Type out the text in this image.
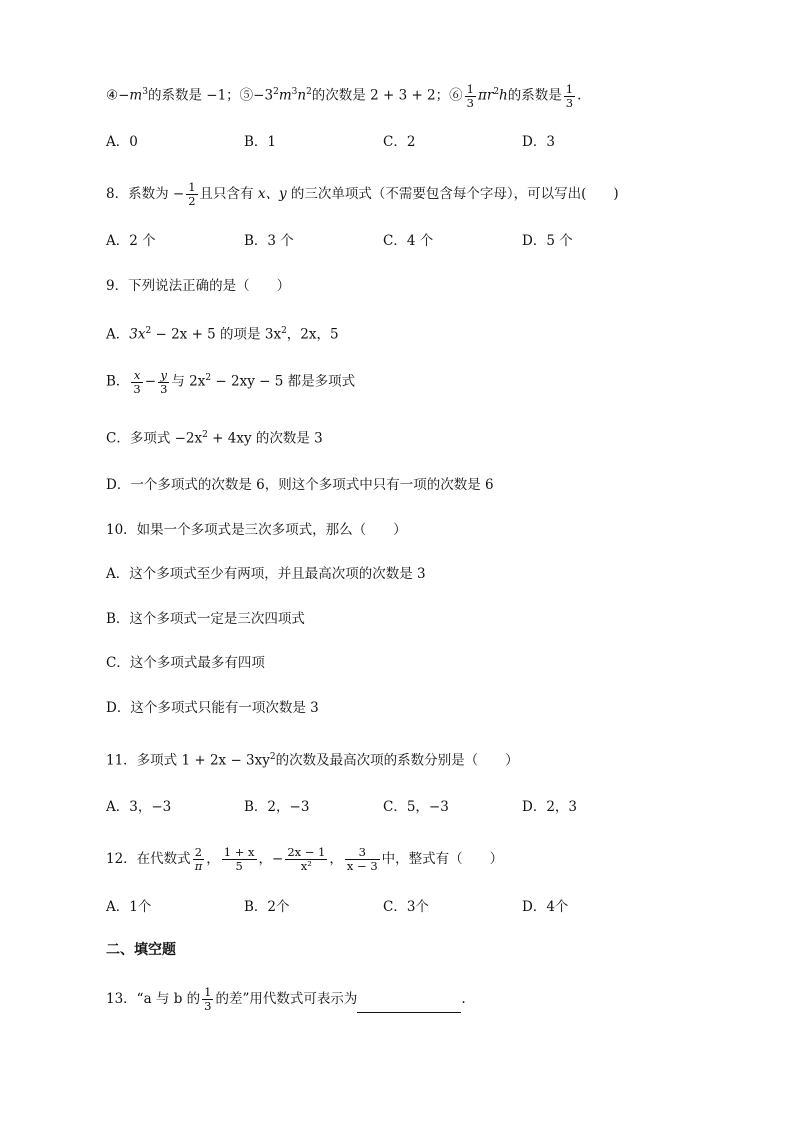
$④-m^3$的系数是 −1；$⑤-3^2m^3n^2$的次数是 2 + 3 + 2；⑥ $\frac{1}{3} \pi r^2h$的系数是 $\frac{1}{3}$ .
A．0	B．1	C．2	D．3
8．系数为 − $\frac{1}{2}$ 且只含有 x、y 的三次单项式（不需要包含每个字母），可以写出(　　)
A．2 个	B．3 个	C．4 个	D．5 个
9．下列说法正确的是（　　）
A．$3x^2 - 2x + 5$ 的项是 $3x^2$，2x，5
B． $\frac{x}{3} - \frac{y}{3}$ 与 $2x^2 - 2xy - 5$ 都是多项式
C．多项式 $-2x^2 + 4xy$ 的次数是 3
D．一个多项式的次数是 6，则这个多项式中只有一项的次数是 6
10．如果一个多项式是三次多项式，那么（　　）
A．这个多项式至少有两项，并且最高次项的次数是 3
B．这个多项式一定是三次四项式
C．这个多项式最多有四项
D．这个多项式只能有一项次数是 3
11．多项式 $1 + 2x - 3xy^2$的次数及最高次项的系数分别是（　　）
A．3，−3	B．2，−3	C．5，−3	D．2，3
12．在代数式 $\frac{2}{\pi}$ ， $\frac{1 + x}{5}$ ，− $\frac{2x - 1}{\text{x²}}$ ， $\frac{3}{x - 3}$ 中，整式有（　　）
A．1个	B．2个	C．3个	D．4个
二、填空题
13．“a 与 b 的 $\frac{1}{3}$ 的差”用代数式可表示为	.
